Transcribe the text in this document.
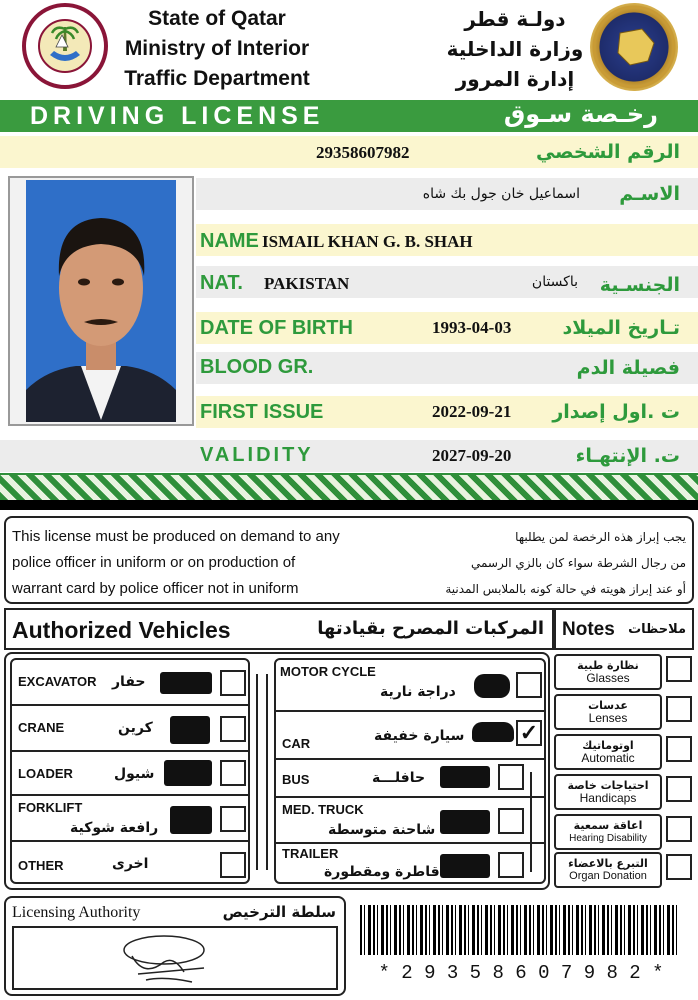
State of Qatar
Ministry of Interior
Traffic Department
دولـة قطر
وزارة الداخلية
إدارة المرور
DRIVING LICENSE	رخـصة سـوق
29358607982	الرقم الشخصي
اسماعيل خان جول بك شاه الاسـم
NAME ISMAIL KHAN G. B. SHAH
NAT. PAKISTAN	باكستان الجنسـية
DATE OF BIRTH	1993-04-03	تـاريخ الميلاد
BLOOD GR.	فصيلة الدم
FIRST ISSUE	2022-09-21 ت .اول إصدار
VALIDITY	2027-09-20	ت. الإنتهـاء
This license must be produced on demand to any
police officer in uniform or on production of
warrant card by police officer not in uniform
يجب إبراز هذه الرخصة لمن يطلبها
من رجال الشرطة سواء كان بالزي الرسمي
أو عند إبراز هويته في حالة كونه بالملابس المدنية
Authorized Vehicles	المركبات المصرح بقيادتها Notes ملاحظات
EXCAVATOR حفار
CRANE	كرين
LOADER	شيول
FORKLIFT
رافعة شوكية
OTHER	اخرى
MOTOR CYCLE
دراجة نارية
CAR	سيارة خفيفة	✓
BUS	حافلـــة
MED. TRUCK
شاحنة متوسطة
TRAILER
قاطرة ومقطورة
نظارة طبية
Glasses
عدسات
Lenses
اوتوماتيك
Automatic
احتياجات خاصة
Handicaps
اعاقة سمعية
Hearing Disability
التبرع بالاعضاء
Organ Donation
Licensing Authority	سلطة الترخيص
* 2 9 3 5 8 6 0 7 9 8 2 *
